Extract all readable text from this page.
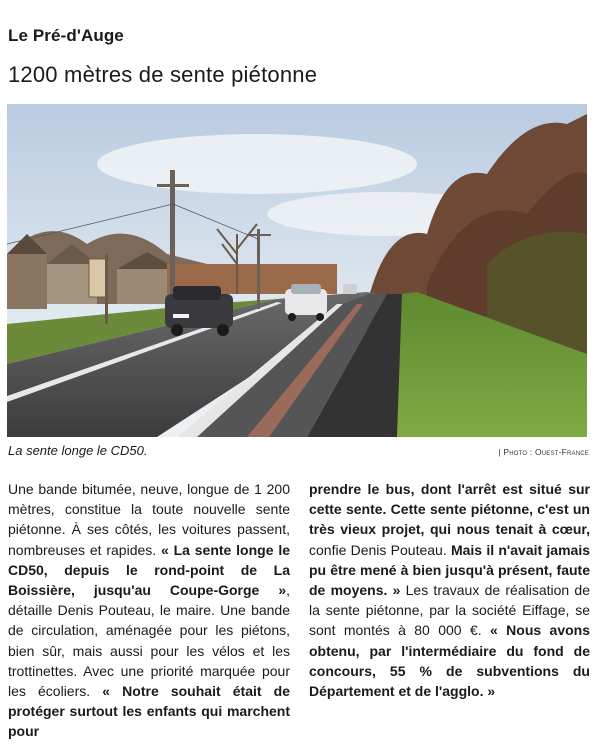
Le Pré-d'Auge
1200 mètres de sente piétonne
La sente longe le CD50.	| Photo : Ouest-France

Une bande bitumée, neuve, longue de 1 200 mètres, constitue la toute nouvelle sente piétonne. À ses côtés, les voitures passent, nombreuses et rapides. « La sente longe le CD50, depuis le rond-point de La Boissière, jusqu'au Coupe-Gorge », détaille Denis Pouteau, le maire. Une bande de circulation, aménagée pour les piétons, bien sûr, mais aussi pour les vélos et les trottinettes. Avec une priorité marquée pour les écoliers. « Notre souhait était de protéger surtout les enfants qui marchent pour

prendre le bus, dont l'arrêt est situé sur cette sente. Cette sente piétonne, c'est un très vieux projet, qui nous tenait à cœur, confie Denis Pouteau. Mais il n'avait jamais pu être mené à bien jusqu'à présent, faute de moyens. » Les travaux de réalisation de la sente piétonne, par la société Eiffage, se sont montés à 80 000 €. « Nous avons obtenu, par l'intermédiaire du fond de concours, 55 % de subventions du Département et de l'agglo. »
